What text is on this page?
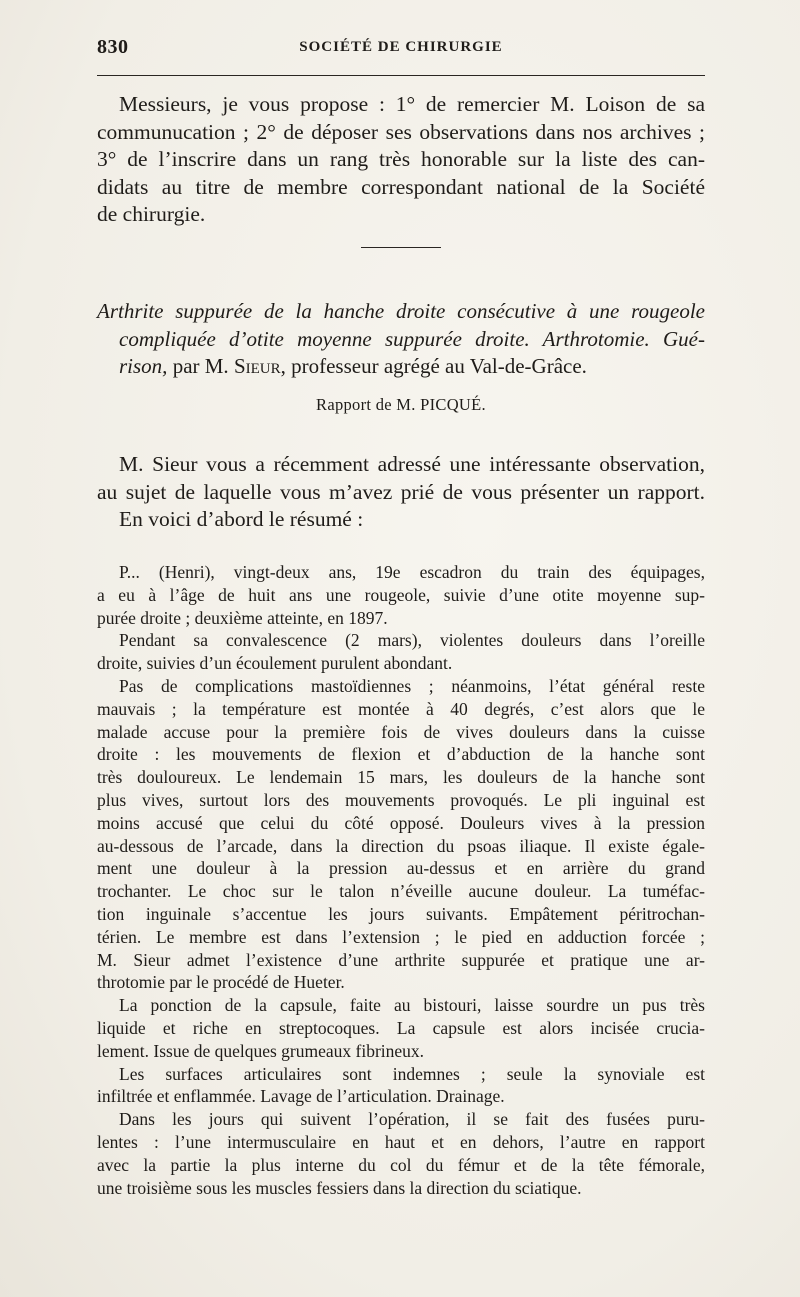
830	SOCIÉTÉ DE CHIRURGIE
Messieurs, je vous propose : 1° de remercier M. Loison de sa
communucation ; 2° de déposer ses observations dans nos archives ;
3° de l’inscrire dans un rang très honorable sur la liste des can-
didats au titre de membre correspondant national de la Société
de chirurgie.
Arthrite suppurée de la hanche droite consécutive à une rougeole
compliquée d’otite moyenne suppurée droite. Arthrotomie. Gué-
rison, par M. Sieur, professeur agrégé au Val-de-Grâce.
Rapport de M. PICQUÉ.
M. Sieur vous a récemment adressé une intéressante observation,
au sujet de laquelle vous m’avez prié de vous présenter un rapport.
En voici d’abord le résumé :
P... (Henri), vingt-deux ans, 19e escadron du train des équipages,
a eu à l’âge de huit ans une rougeole, suivie d’une otite moyenne sup-
purée droite ; deuxième atteinte, en 1897.
Pendant sa convalescence (2 mars), violentes douleurs dans l’oreille
droite, suivies d’un écoulement purulent abondant.
Pas de complications mastoïdiennes ; néanmoins, l’état général reste
mauvais ; la température est montée à 40 degrés, c’est alors que le
malade accuse pour la première fois de vives douleurs dans la cuisse
droite : les mouvements de flexion et d’abduction de la hanche sont
très douloureux. Le lendemain 15 mars, les douleurs de la hanche sont
plus vives, surtout lors des mouvements provoqués. Le pli inguinal est
moins accusé que celui du côté opposé. Douleurs vives à la pression
au-dessous de l’arcade, dans la direction du psoas iliaque. Il existe égale-
ment une douleur à la pression au-dessus et en arrière du grand
trochanter. Le choc sur le talon n’éveille aucune douleur. La tuméfac-
tion inguinale s’accentue les jours suivants. Empâtement péritrochan-
térien. Le membre est dans l’extension ; le pied en adduction forcée ;
M. Sieur admet l’existence d’une arthrite suppurée et pratique une ar-
throtomie par le procédé de Hueter.
La ponction de la capsule, faite au bistouri, laisse sourdre un pus très
liquide et riche en streptocoques. La capsule est alors incisée crucia-
lement. Issue de quelques grumeaux fibrineux.
Les surfaces articulaires sont indemnes ; seule la synoviale est
infiltrée et enflammée. Lavage de l’articulation. Drainage.
Dans les jours qui suivent l’opération, il se fait des fusées puru-
lentes : l’une intermusculaire en haut et en dehors, l’autre en rapport
avec la partie la plus interne du col du fémur et de la tête fémorale,
une troisième sous les muscles fessiers dans la direction du sciatique.
